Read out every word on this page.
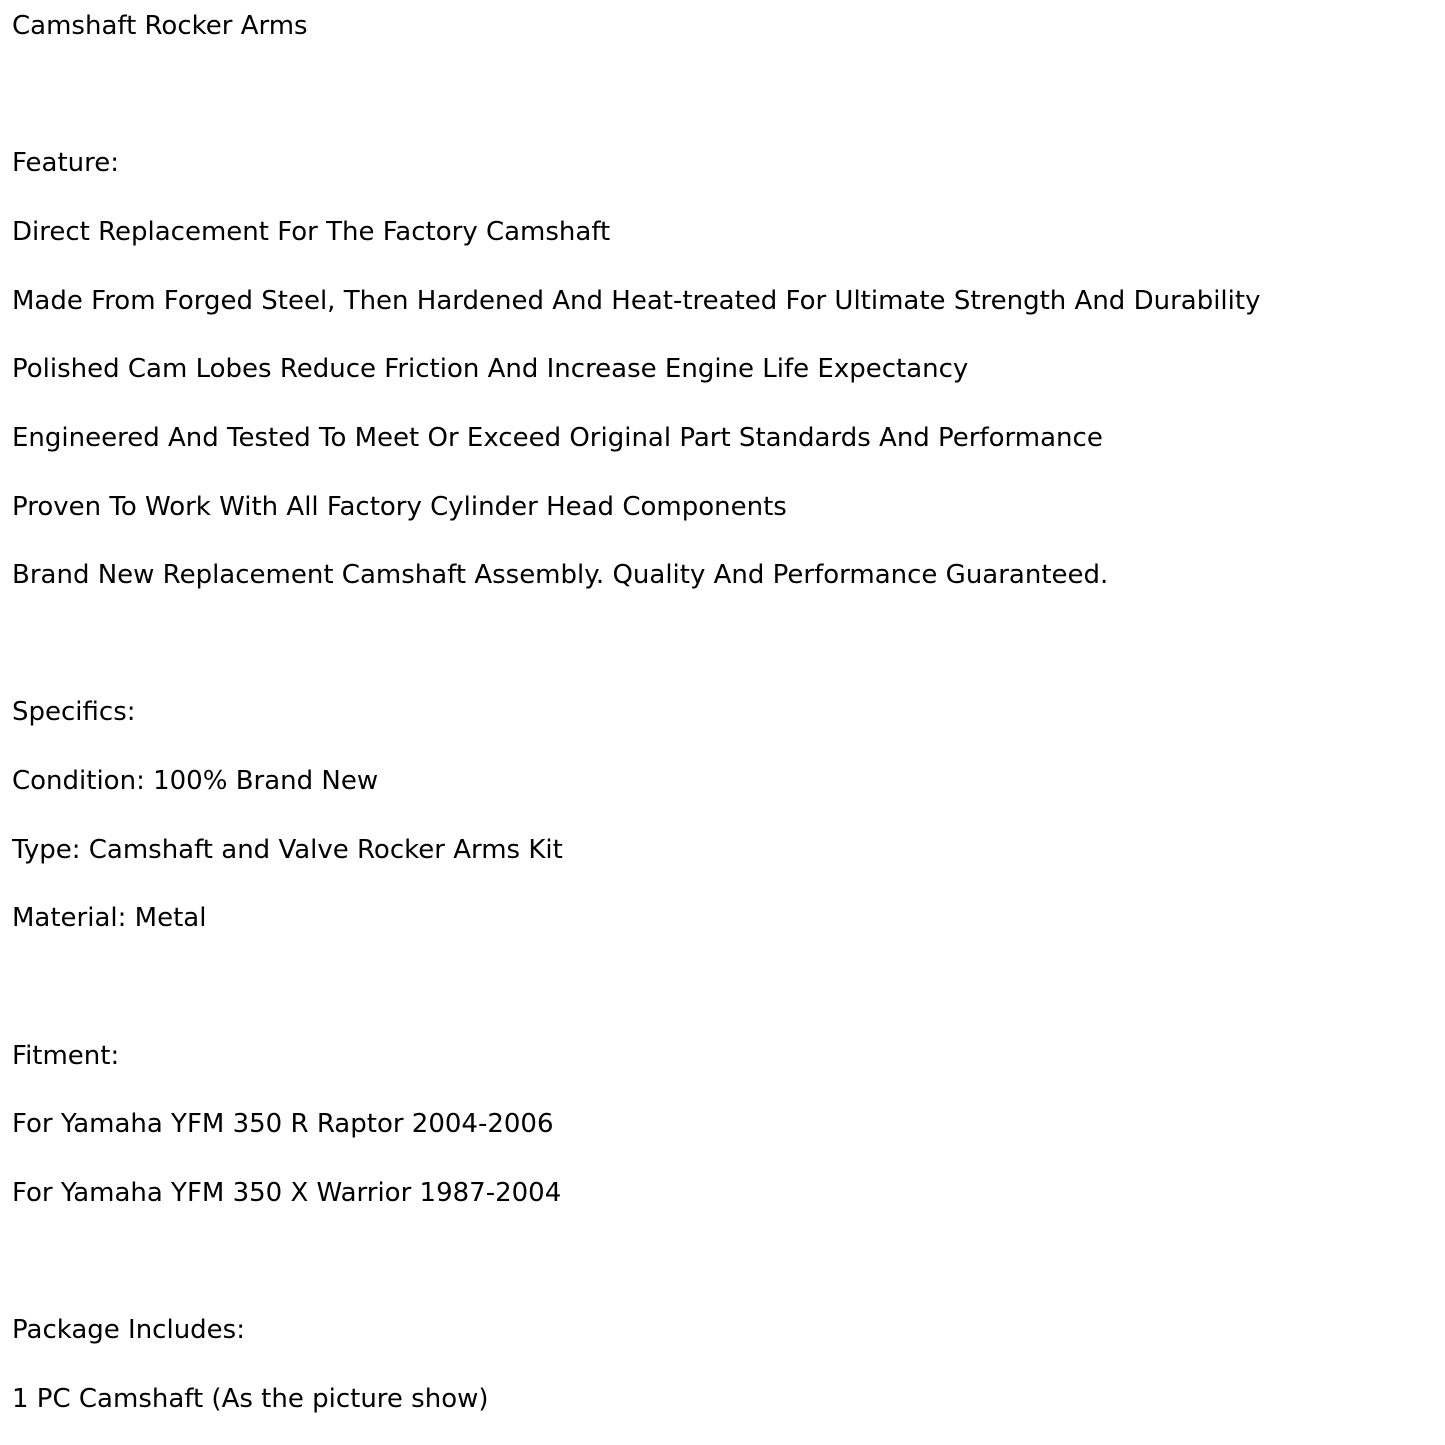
Camshaft Rocker Arms
Feature:
Direct Replacement For The Factory Camshaft
Made From Forged Steel, Then Hardened And Heat-treated For Ultimate Strength And Durability
Polished Cam Lobes Reduce Friction And Increase Engine Life Expectancy
Engineered And Tested To Meet Or Exceed Original Part Standards And Performance
Proven To Work With All Factory Cylinder Head Components
Brand New Replacement Camshaft Assembly. Quality And Performance Guaranteed.
Specifics:
Condition: 100% Brand New
Type: Camshaft and Valve Rocker Arms Kit
Material: Metal
Fitment:
For Yamaha YFM 350 R Raptor 2004-2006
For Yamaha YFM 350 X Warrior 1987-2004
Package Includes:
1 PC Camshaft (As the picture show)
